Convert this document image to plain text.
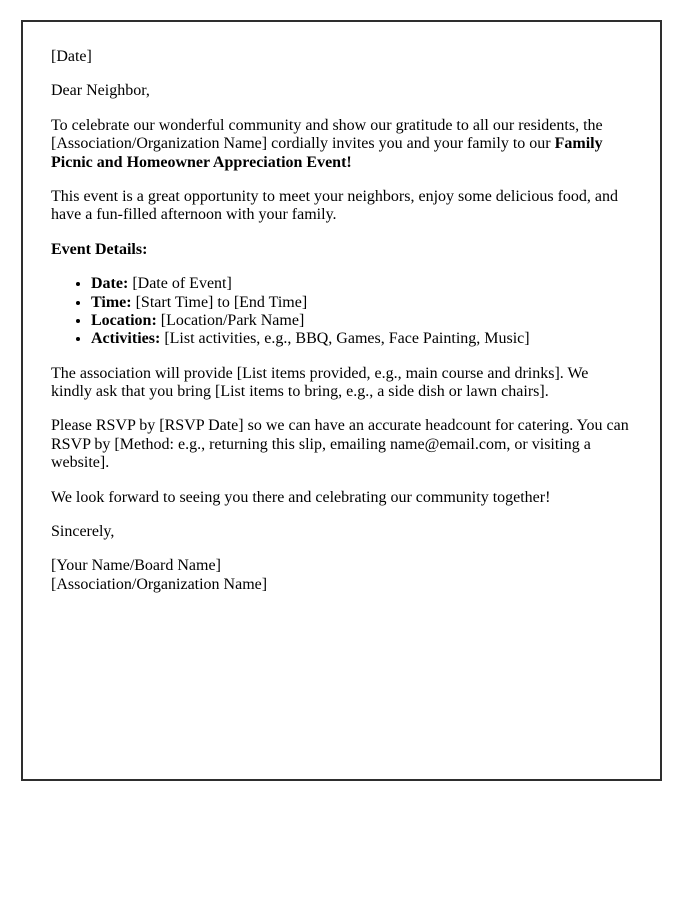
[Date]

Dear Neighbor,

To celebrate our wonderful community and show our gratitude to all our residents, the [Association/Organization Name] cordially invites you and your family to our Family Picnic and Homeowner Appreciation Event!

This event is a great opportunity to meet your neighbors, enjoy some delicious food, and have a fun-filled afternoon with your family.

Event Details:

• Date: [Date of Event]
• Time: [Start Time] to [End Time]
• Location: [Location/Park Name]
• Activities: [List activities, e.g., BBQ, Games, Face Painting, Music]

The association will provide [List items provided, e.g., main course and drinks]. We kindly ask that you bring [List items to bring, e.g., a side dish or lawn chairs].

Please RSVP by [RSVP Date] so we can have an accurate headcount for catering. You can RSVP by [Method: e.g., returning this slip, emailing name@email.com, or visiting a website].

We look forward to seeing you there and celebrating our community together!

Sincerely,

[Your Name/Board Name]
[Association/Organization Name]
